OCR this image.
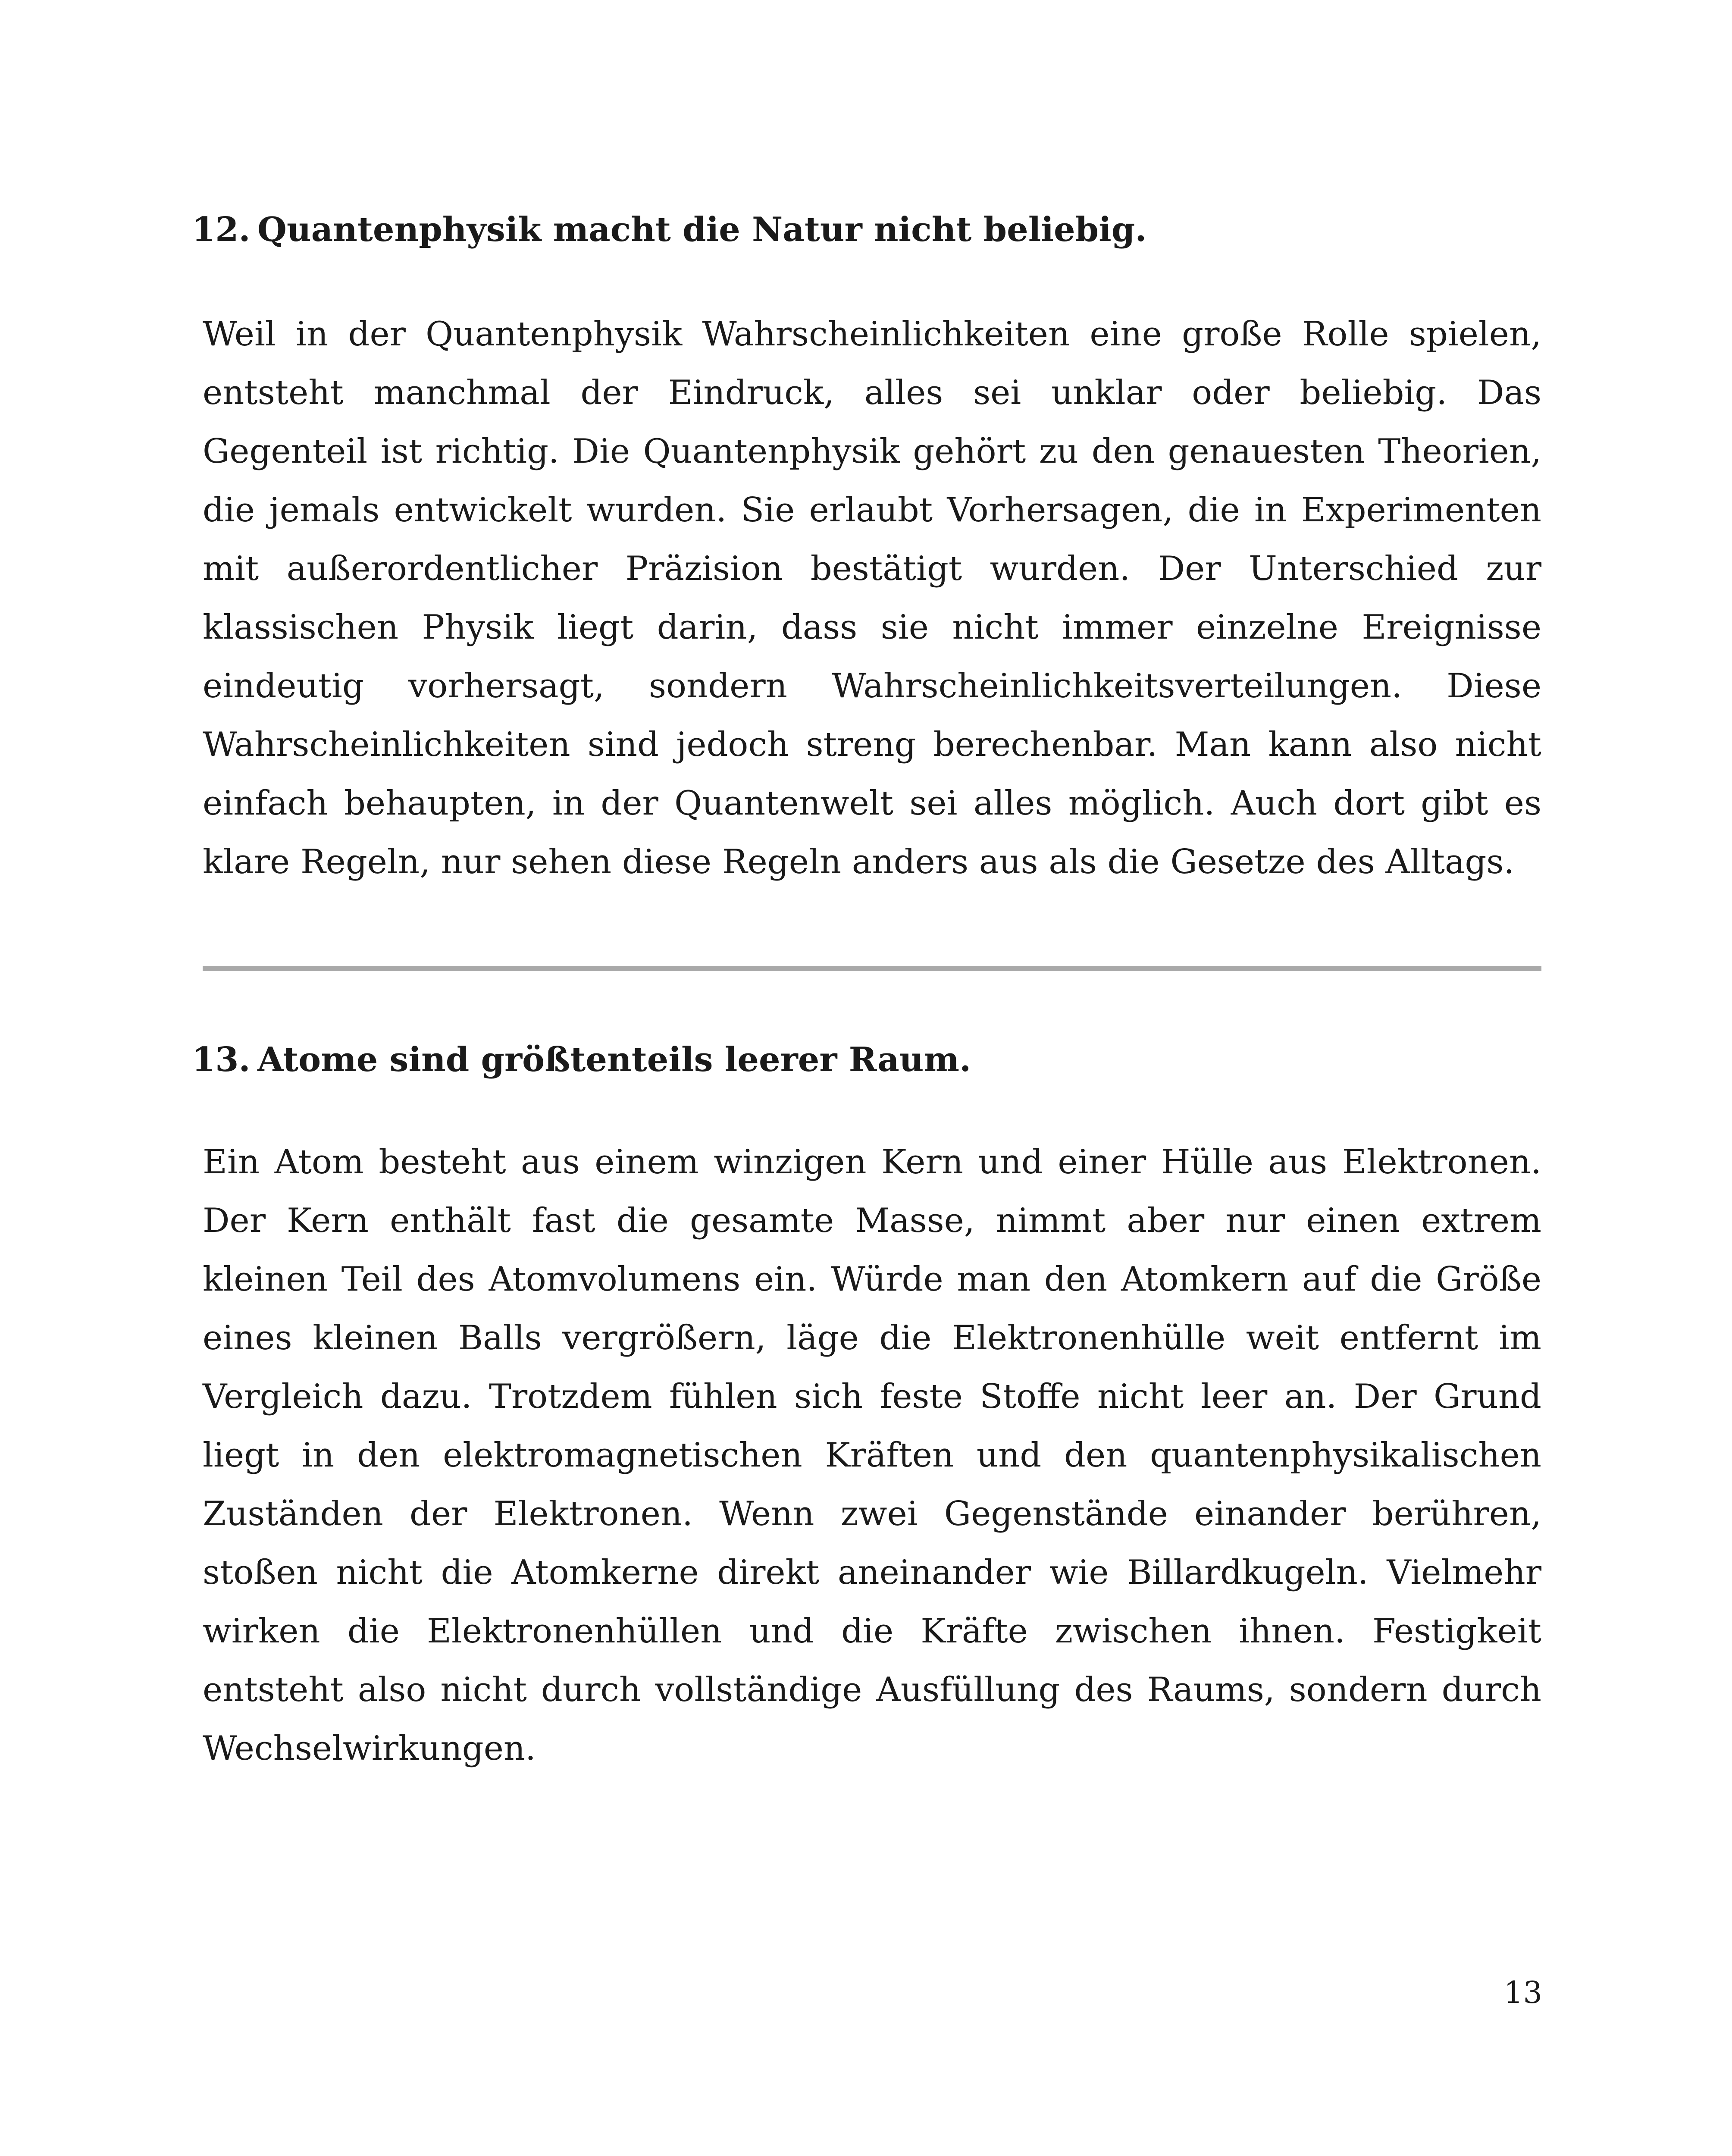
12. Quantenphysik macht die Natur nicht beliebig.

Weil in der Quantenphysik Wahrscheinlichkeiten eine große Rolle spielen, entsteht manchmal der Eindruck, alles sei unklar oder beliebig. Das Gegenteil ist richtig. Die Quantenphysik gehört zu den genauesten Theorien, die jemals entwickelt wurden. Sie erlaubt Vorhersagen, die in Experimenten mit außerordentlicher Präzision bestätigt wurden. Der Unterschied zur klassischen Physik liegt darin, dass sie nicht immer einzelne Ereignisse eindeutig vorhersagt, sondern Wahrscheinlichkeitsverteilungen. Diese Wahrscheinlichkeiten sind jedoch streng berechenbar. Man kann also nicht einfach behaupten, in der Quantenwelt sei alles möglich. Auch dort gibt es klare Regeln, nur sehen diese Regeln anders aus als die Gesetze des Alltags.

13. Atome sind größtenteils leerer Raum.

Ein Atom besteht aus einem winzigen Kern und einer Hülle aus Elektronen. Der Kern enthält fast die gesamte Masse, nimmt aber nur einen extrem kleinen Teil des Atomvolumens ein. Würde man den Atomkern auf die Größe eines kleinen Balls vergrößern, läge die Elektronenhülle weit entfernt im Vergleich dazu. Trotzdem fühlen sich feste Stoffe nicht leer an. Der Grund liegt in den elektromagnetischen Kräften und den quantenphysikalischen Zuständen der Elektronen. Wenn zwei Gegenstände einander berühren, stoßen nicht die Atomkerne direkt aneinander wie Billardkugeln. Vielmehr wirken die Elektronenhüllen und die Kräfte zwischen ihnen. Festigkeit entsteht also nicht durch vollständige Ausfüllung des Raums, sondern durch Wechselwirkungen.

13
